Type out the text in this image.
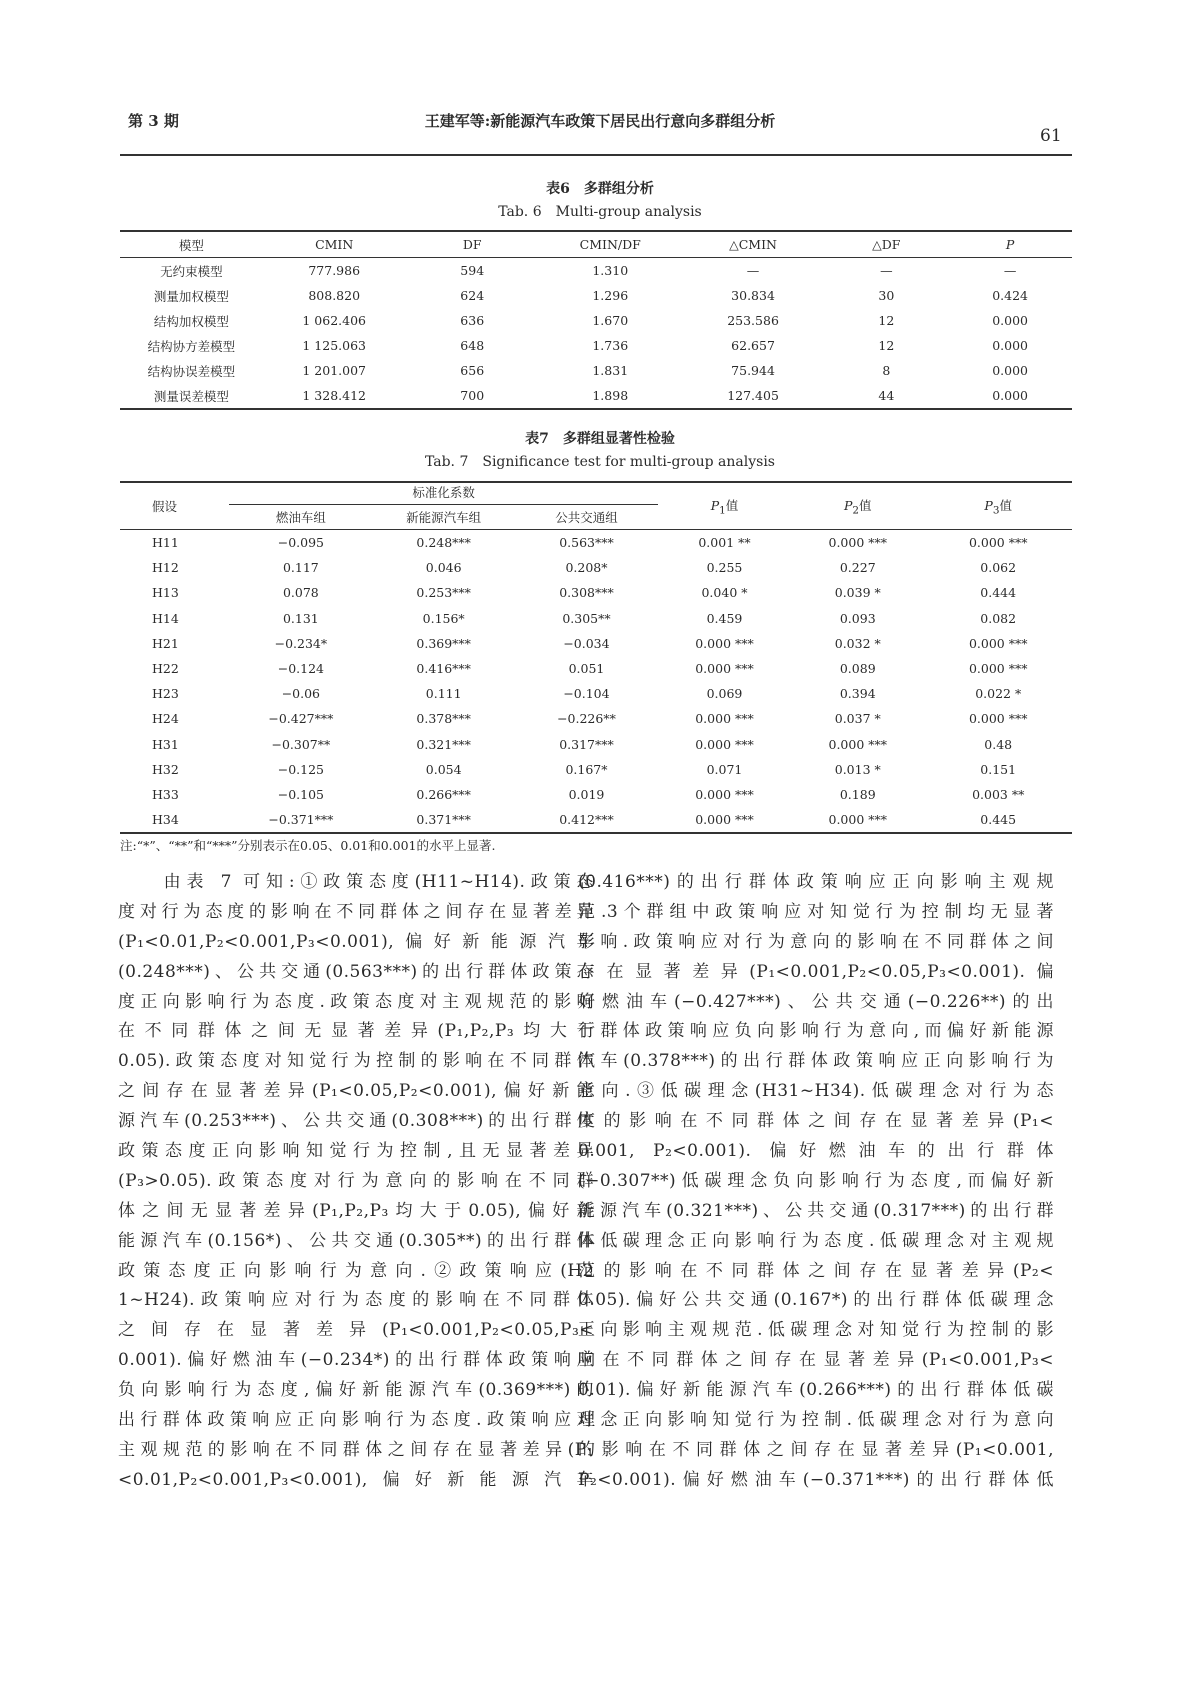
第 3 期	王建军等:新能源汽车政策下居民出行意向多群组分析
61
表6　多群组分析
Tab. 6　Multi-group analysis
模型	CMIN	DF	CMIN/DF	△CMIN	△DF	P
无约束模型	777.986	594	1.310	—	—	—
测量加权模型	808.820	624	1.296	30.834	30	0.424
结构加权模型	1 062.406	636	1.670	253.586	12	0.000
结构协方差模型	1 125.063	648	1.736	62.657	12	0.000
结构协误差模型	1 201.007	656	1.831	75.944	8	0.000
测量误差模型	1 328.412	700	1.898	127.405	44	0.000
表7　多群组显著性检验
Tab. 7　Significance test for multi-group analysis
假设	标准化系数			$P_1$值	$P_2$值	$P_3$值
	燃油车组	新能源汽车组	公共交通组			
H11	−0.095	0.248***	0.563***	0.001 **	0.000 ***	0.000 ***
H12	0.117	0.046	0.208*	0.255	0.227	0.062
H13	0.078	0.253***	0.308***	0.040 *	0.039 *	0.444
H14	0.131	0.156*	0.305**	0.459	0.093	0.082
H21	−0.234*	0.369***	−0.034	0.000 ***	0.032 *	0.000 ***
H22	−0.124	0.416***	0.051	0.000 ***	0.089	0.000 ***
H23	−0.06	0.111	−0.104	0.069	0.394	0.022 *
H24	−0.427***	0.378***	−0.226**	0.000 ***	0.037 *	0.000 ***
H31	−0.307**	0.321***	0.317***	0.000 ***	0.000 ***	0.48
H32	−0.125	0.054	0.167*	0.071	0.013 *	0.151
H33	−0.105	0.266***	0.019	0.000 ***	0.189	0.003 **
H34	−0.371***	0.371***	0.412***	0.000 ***	0.000 ***	0.445
注:“*”、“**”和“***”分别表示在0.05、0.01和0.001的水平上显著.
　　由表 7 可知:①政策态度(H11~H14).政策态
度对行为态度的影响在不同群体之间存在显著差异
(P₁<0.01,P₂<0.001,P₃<0.001),偏好新能源汽车
(0.248***)、公共交通(0.563***)的出行群体政策态
度正向影响行为态度.政策态度对主观规范的影响
在不同群体之间无显著差异(P₁,P₂,P₃均大于
0.05).政策态度对知觉行为控制的影响在不同群体
之间存在显著差异(P₁<0.05,P₂<0.001),偏好新能
源汽车(0.253***)、公共交通(0.308***)的出行群体
政策态度正向影响知觉行为控制,且无显著差异
(P₃>0.05).政策态度对行为意向的影响在不同群
体之间无显著差异(P₁,P₂,P₃均大于0.05),偏好新
能源汽车(0.156*)、公共交通(0.305**)的出行群体
政策态度正向影响行为意向.②政策响应(H2
1~H24).政策响应对行为态度的影响在不同群体
之间存在显著差异(P₁<0.001,P₂<0.05,P₃<
0.001).偏好燃油车(−0.234*)的出行群体政策响应
负向影响行为态度,偏好新能源汽车(0.369***)的
出行群体政策响应正向影响行为态度.政策响应对
主观规范的影响在不同群体之间存在显著差异(P₁
<0.01,P₂<0.001,P₃<0.001),偏好新能源汽车
(0.416***)的出行群体政策响应正向影响主观规
范.3个群组中政策响应对知觉行为控制均无显著
影响.政策响应对行为意向的影响在不同群体之间
存在显著差异(P₁<0.001,P₂<0.05,P₃<0.001).偏
好燃油车(−0.427***)、公共交通(−0.226**)的出
行群体政策响应负向影响行为意向,而偏好新能源
汽车(0.378***)的出行群体政策响应正向影响行为
意向.③低碳理念(H31~H34).低碳理念对行为态
度的影响在不同群体之间存在显著差异(P₁<
0.001, P₂<0.001). 偏好燃油车的出行群体
(−0.307**)低碳理念负向影响行为态度,而偏好新
能源汽车(0.321***)、公共交通(0.317***)的出行群
体低碳理念正向影响行为态度.低碳理念对主观规
范的影响在不同群体之间存在显著差异(P₂<
0.05).偏好公共交通(0.167*)的出行群体低碳理念
正向影响主观规范.低碳理念对知觉行为控制的影
响在不同群体之间存在显著差异(P₁<0.001,P₃<
0.01).偏好新能源汽车(0.266***)的出行群体低碳
理念正向影响知觉行为控制.低碳理念对行为意向
的影响在不同群体之间存在显著差异(P₁<0.001,
P₂<0.001).偏好燃油车(−0.371***)的出行群体低
